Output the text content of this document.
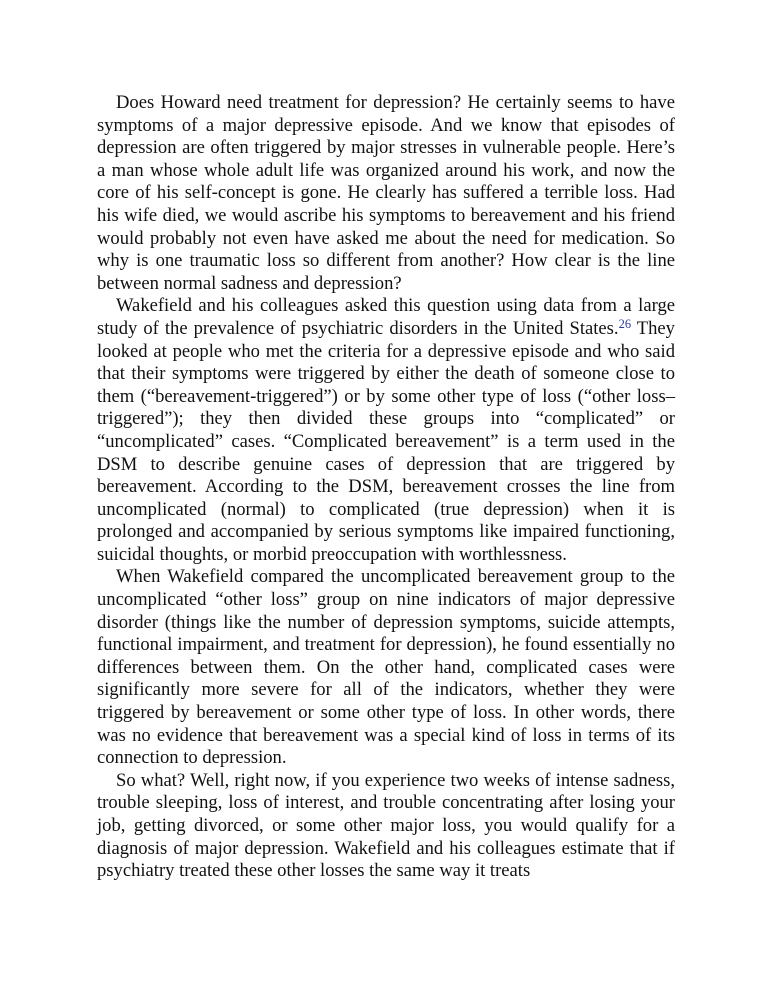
Does Howard need treatment for depression? He certainly seems to have symptoms of a major depressive episode. And we know that episodes of depression are often triggered by major stresses in vulnerable people. Here’s a man whose whole adult life was organized around his work, and now the core of his self-concept is gone. He clearly has suffered a terrible loss. Had his wife died, we would ascribe his symptoms to bereavement and his friend would probably not even have asked me about the need for medication. So why is one traumatic loss so different from another? How clear is the line between normal sadness and depression?

Wakefield and his colleagues asked this question using data from a large study of the prevalence of psychiatric disorders in the United States.$^{26}$ They looked at people who met the criteria for a depressive episode and who said that their symptoms were triggered by either the death of someone close to them (“bereavement-triggered”) or by some other type of loss (“other loss–triggered”); they then divided these groups into “complicated” or “uncomplicated” cases. “Complicated bereavement” is a term used in the DSM to describe genuine cases of depression that are triggered by bereavement. According to the DSM, bereavement crosses the line from uncomplicated (normal) to complicated (true depression) when it is prolonged and accompanied by serious symptoms like impaired functioning, suicidal thoughts, or morbid preoccupation with worthlessness.

When Wakefield compared the uncomplicated bereavement group to the uncomplicated “other loss” group on nine indicators of major depressive disorder (things like the number of depression symptoms, suicide attempts, functional impairment, and treatment for depression), he found essentially no differences between them. On the other hand, complicated cases were significantly more severe for all of the indicators, whether they were triggered by bereavement or some other type of loss. In other words, there was no evidence that bereavement was a special kind of loss in terms of its connection to depression.

So what? Well, right now, if you experience two weeks of intense sadness, trouble sleeping, loss of interest, and trouble concentrating after losing your job, getting divorced, or some other major loss, you would qualify for a diagnosis of major depression. Wakefield and his colleagues estimate that if psychiatry treated these other losses the same way it treats
